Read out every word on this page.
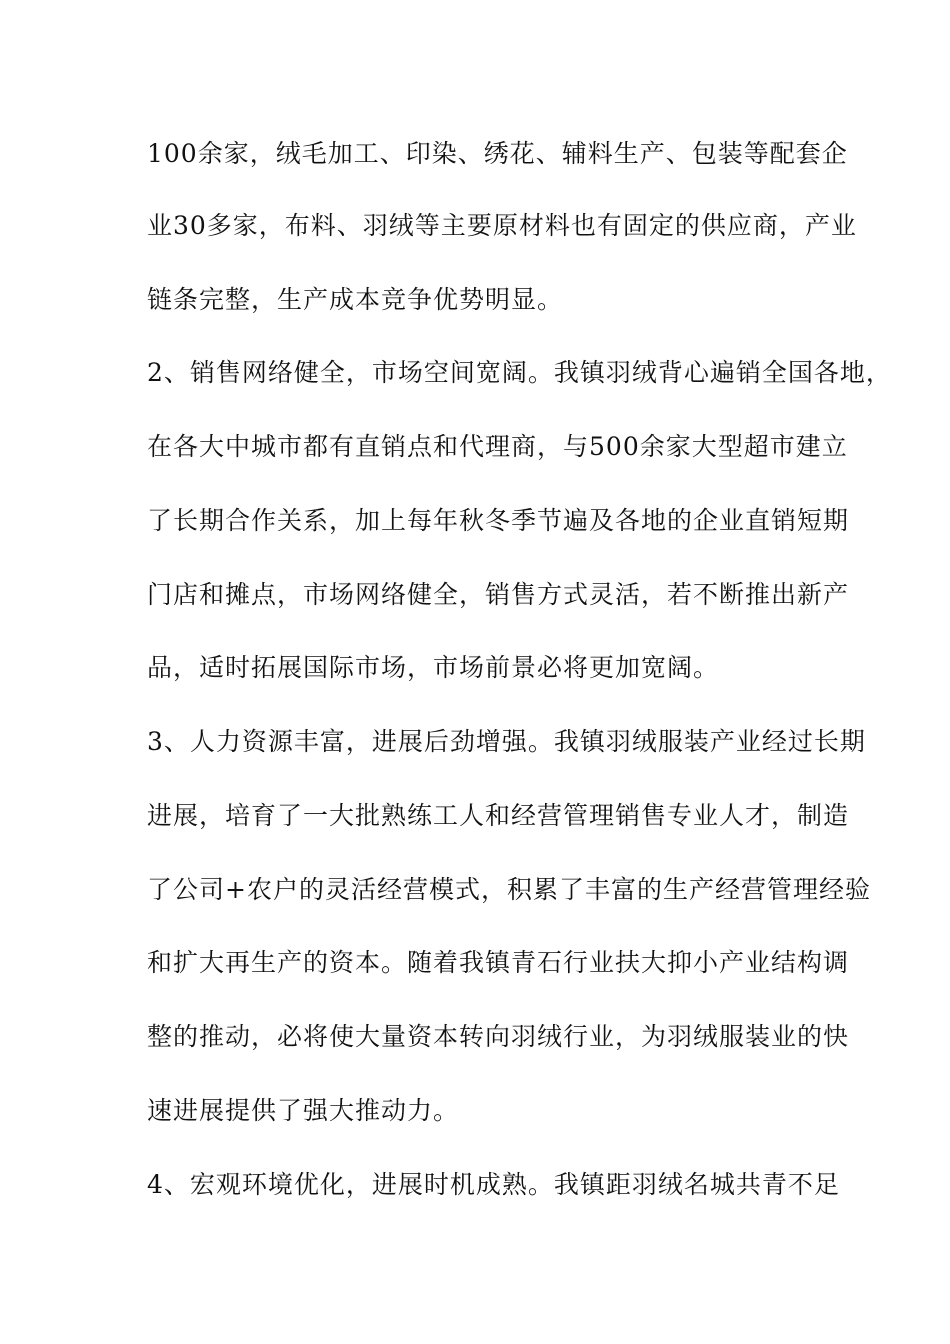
100余家，绒毛加工、印染、绣花、辅料生产、包装等配套企
业30多家，布料、羽绒等主要原材料也有固定的供应商，产业
链条完整，生产成本竞争优势明显。
2、销售网络健全，市场空间宽阔。我镇羽绒背心遍销全国各地，
在各大中城市都有直销点和代理商，与500余家大型超市建立
了长期合作关系，加上每年秋冬季节遍及各地的企业直销短期
门店和摊点，市场网络健全，销售方式灵活，若不断推出新产
品，适时拓展国际市场，市场前景必将更加宽阔。
3、人力资源丰富，进展后劲增强。我镇羽绒服装产业经过长期
进展，培育了一大批熟练工人和经营管理销售专业人才，制造
了公司+农户的灵活经营模式，积累了丰富的生产经营管理经验
和扩大再生产的资本。随着我镇青石行业扶大抑小产业结构调
整的推动，必将使大量资本转向羽绒行业，为羽绒服装业的快
速进展提供了强大推动力。
4、宏观环境优化，进展时机成熟。我镇距羽绒名城共青不足
